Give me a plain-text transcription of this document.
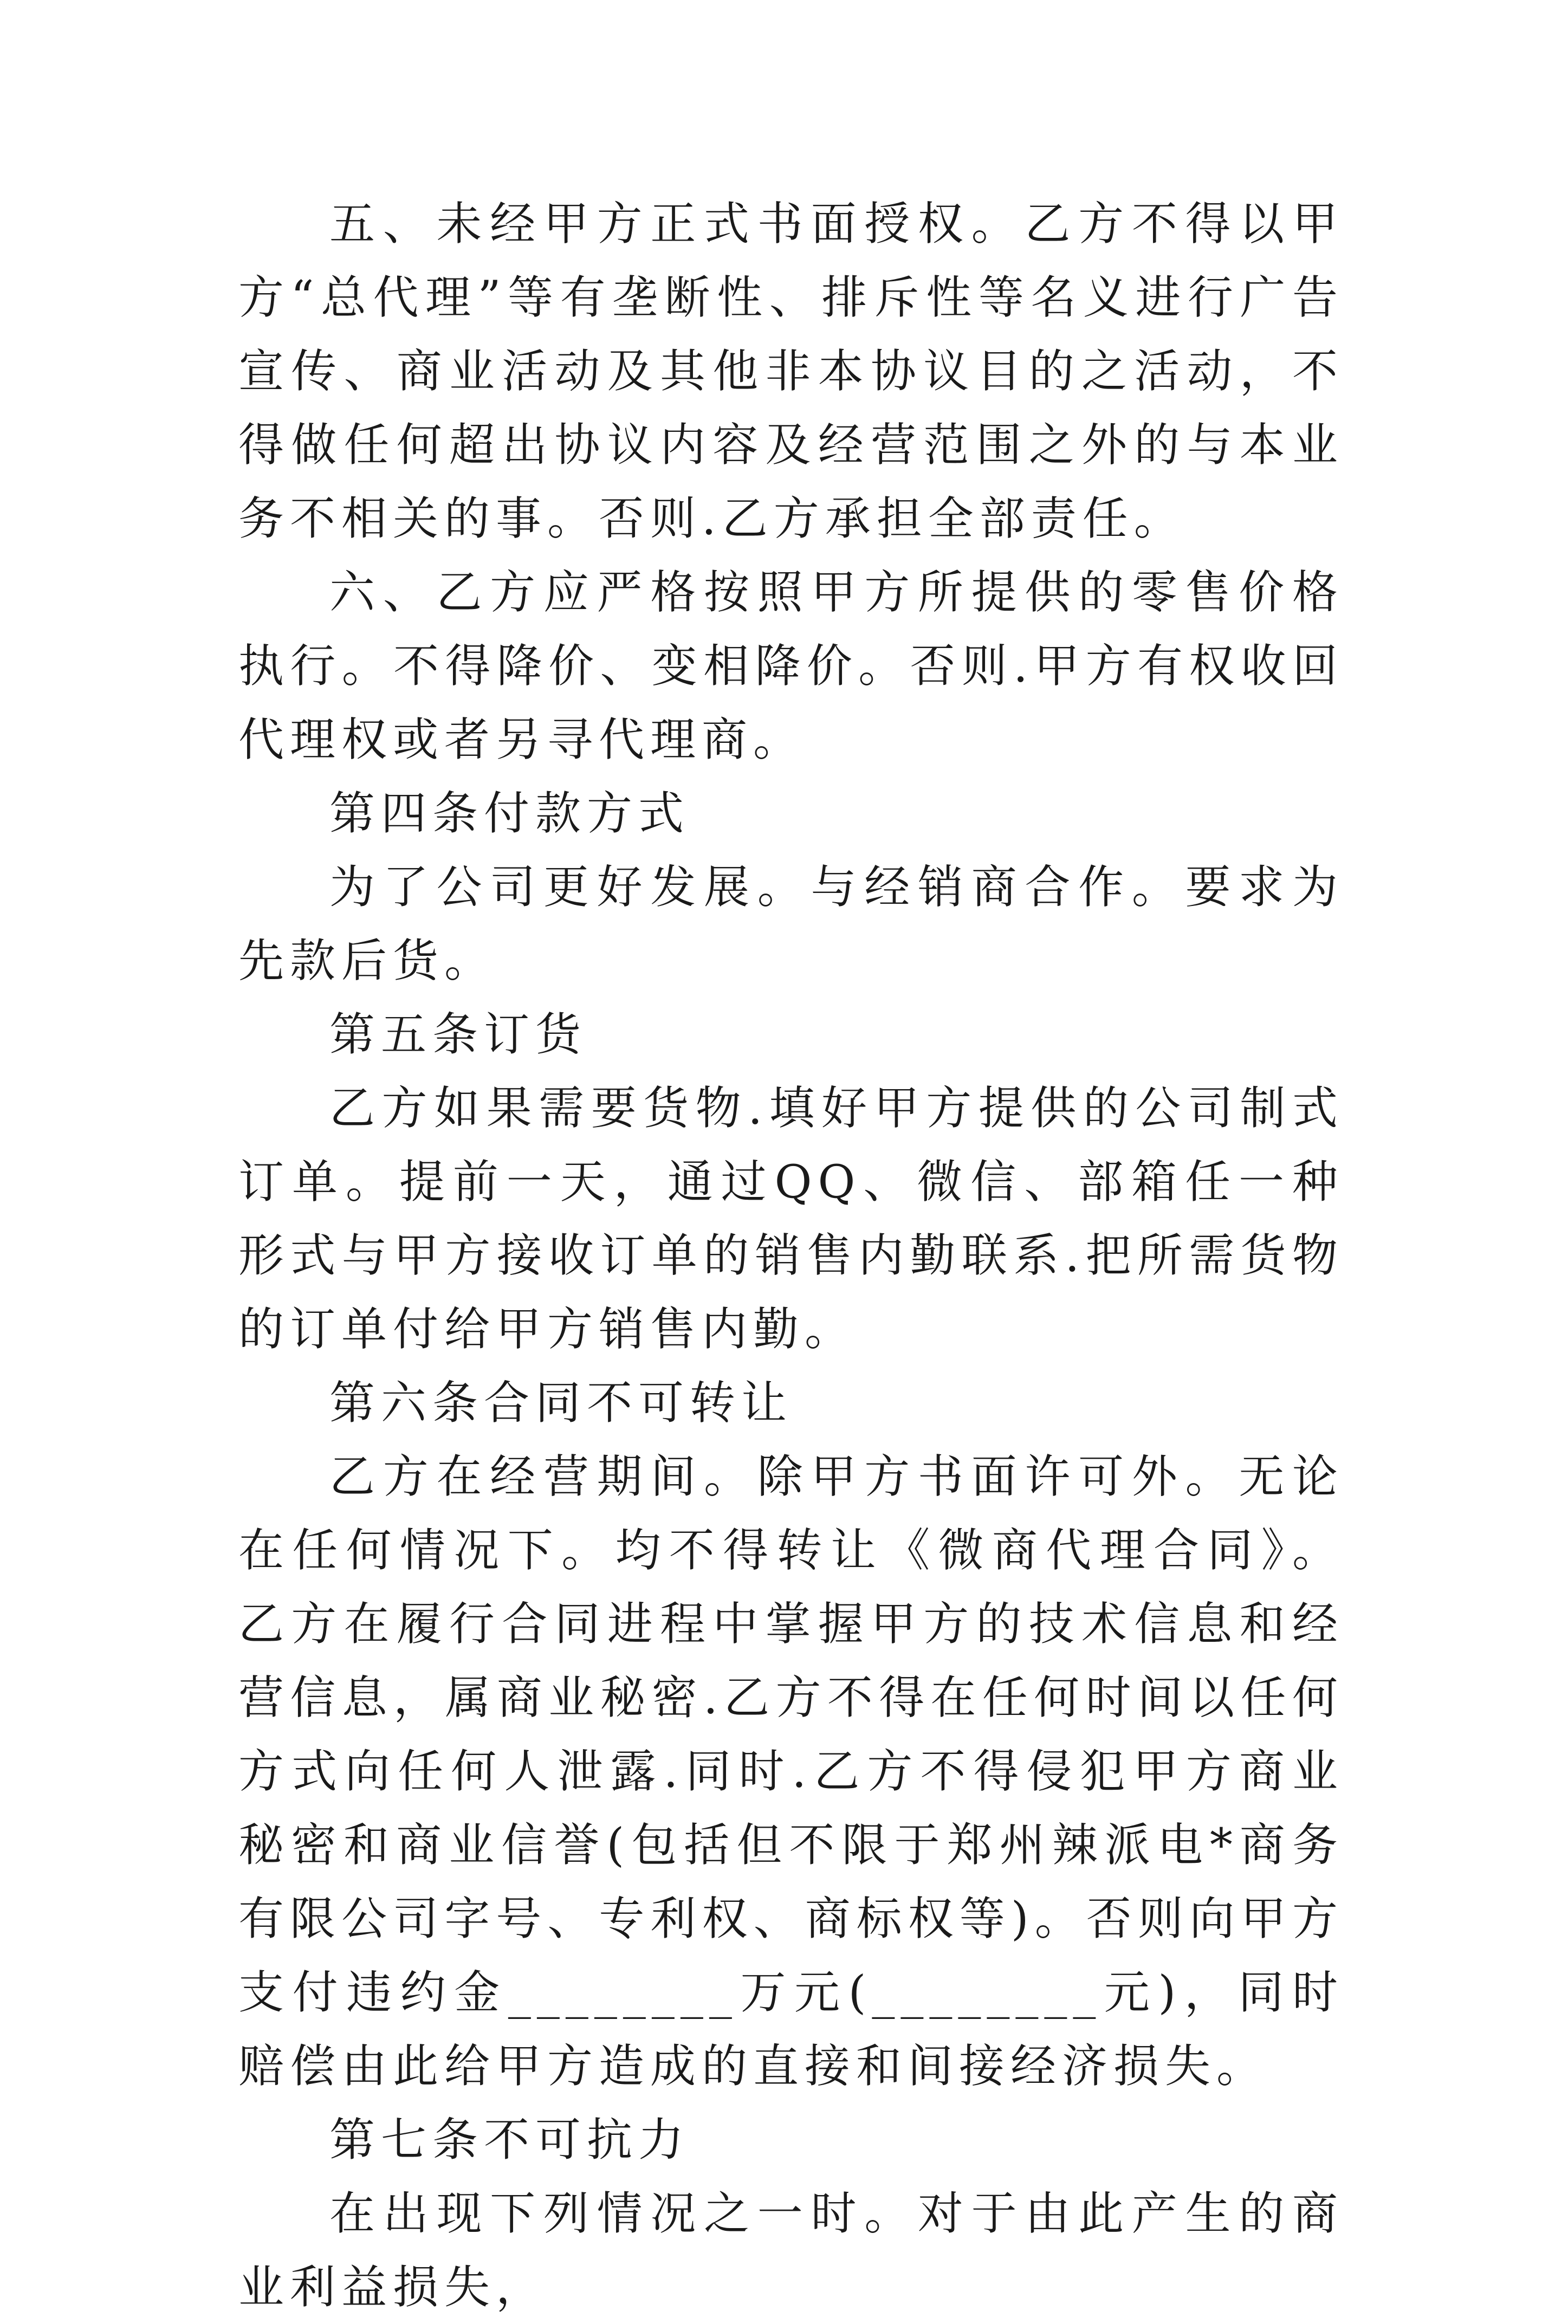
五、未经甲方正式书面授权。乙方不得以甲方“总代理”等有垄断性、排斥性等名义进行广告宣传、商业活动及其他非本协议目的之活动，不得做任何超出协议内容及经营范围之外的与本业务不相关的事。否则.乙方承担全部责任。

六、乙方应严格按照甲方所提供的零售价格执行。不得降价、变相降价。否则.甲方有权收回代理权或者另寻代理商。

第四条付款方式

为了公司更好发展。与经销商合作。要求为先款后货。

第五条订货

乙方如果需要货物.填好甲方提供的公司制式订单。提前一天，通过QQ、微信、部箱任一种形式与甲方接收订单的销售内勤联系.把所需货物的订单付给甲方销售内勤。

第六条合同不可转让

乙方在经营期间。除甲方书面许可外。无论在任何情况下。均不得转让《微商代理合同》。乙方在履行合同进程中掌握甲方的技术信息和经营信息，属商业秘密.乙方不得在任何时间以任何方式向任何人泄露.同时.乙方不得侵犯甲方商业秘密和商业信誉(包括但不限于郑州辣派电*商务有限公司字号、专利权、商标权等)。否则向甲方支付违约金________万元(________元)，同时赔偿由此给甲方造成的直接和间接经济损失。

第七条不可抗力

在出现下列情况之一时。对于由此产生的商业利益损失，
